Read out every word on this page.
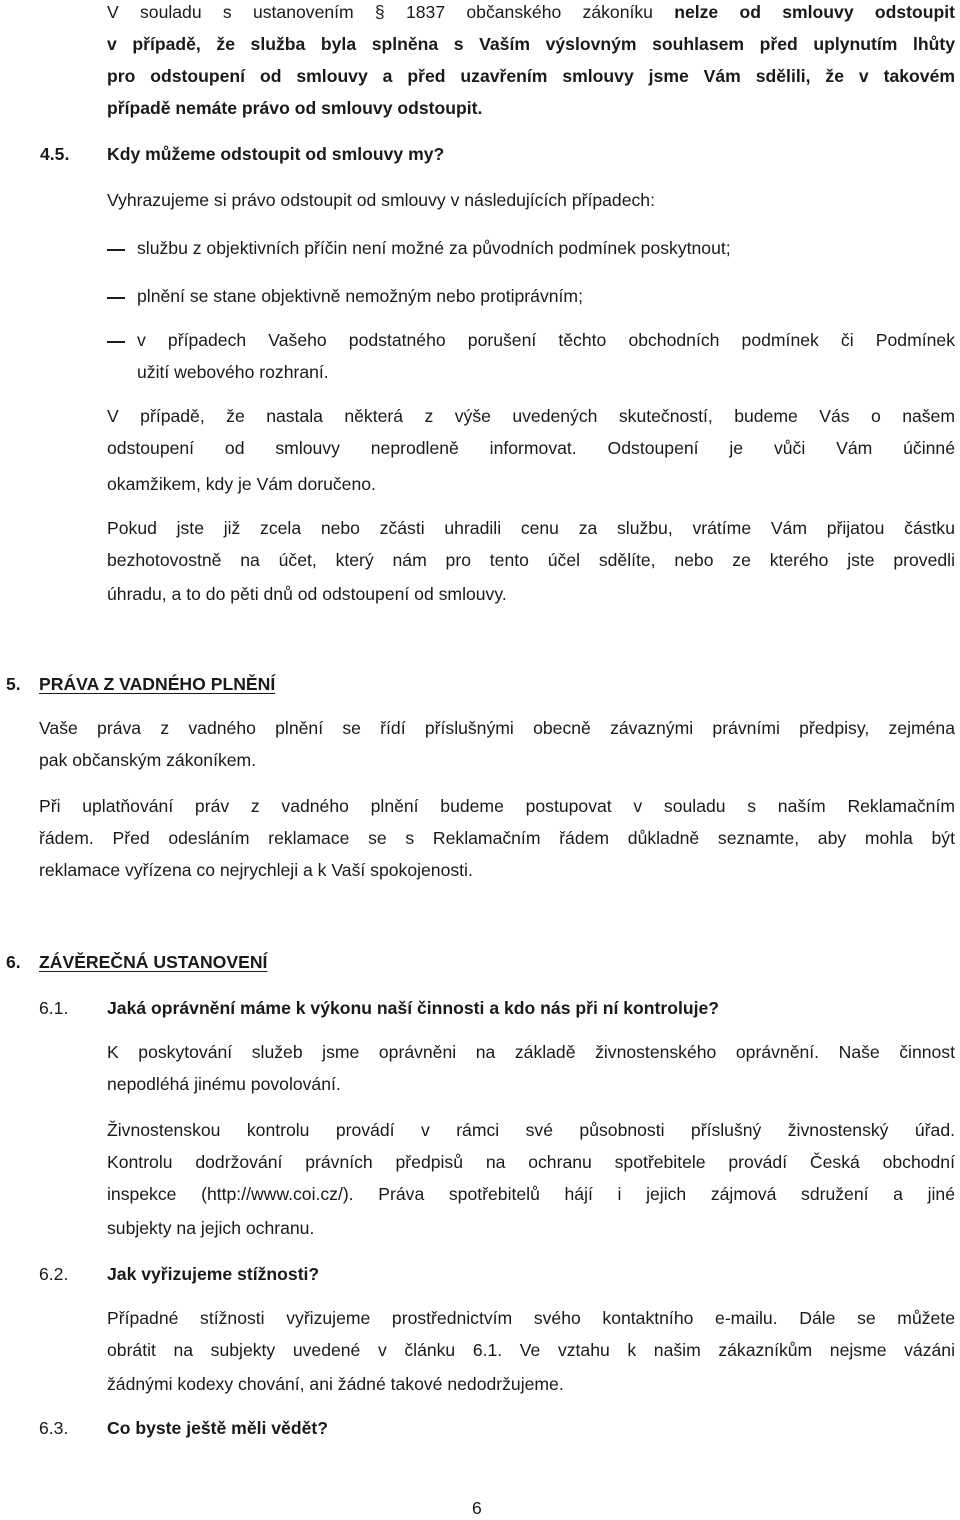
V souladu s ustanovením § 1837 občanského zákoníku nelze od smlouvy odstoupit
v případě, že služba byla splněna s Vaším výslovným souhlasem před uplynutím lhůty
pro odstoupení od smlouvy a před uzavřením smlouvy jsme Vám sdělili, že v takovém
případě nemáte právo od smlouvy odstoupit.
4.5. Kdy můžeme odstoupit od smlouvy my?
Vyhrazujeme si právo odstoupit od smlouvy v následujících případech:
službu z objektivních příčin není možné za původních podmínek poskytnout;
plnění se stane objektivně nemožným nebo protiprávním;
v případech Vašeho podstatného porušení těchto obchodních podmínek či Podmínek
užití webového rozhraní.
V případě, že nastala některá z výše uvedených skutečností, budeme Vás o našem
odstoupení od smlouvy neprodleně informovat. Odstoupení je vůči Vám účinné
okamžikem, kdy je Vám doručeno.
Pokud jste již zcela nebo zčásti uhradili cenu za službu, vrátíme Vám přijatou částku
bezhotovostně na účet, který nám pro tento účel sdělíte, nebo ze kterého jste provedli
úhradu, a to do pěti dnů od odstoupení od smlouvy.
5. PRÁVA Z VADNÉHO PLNĚNÍ
Vaše práva z vadného plnění se řídí příslušnými obecně závaznými právními předpisy, zejména
pak občanským zákoníkem.
Při uplatňování práv z vadného plnění budeme postupovat v souladu s naším Reklamačním
řádem. Před odesláním reklamace se s Reklamačním řádem důkladně seznamte, aby mohla být
reklamace vyřízena co nejrychleji a k Vaší spokojenosti.
6. ZÁVĚREČNÁ USTANOVENÍ
6.1. Jaká oprávnění máme k výkonu naší činnosti a kdo nás při ní kontroluje?
K poskytování služeb jsme oprávněni na základě živnostenského oprávnění. Naše činnost
nepodléhá jinému povolování.
Živnostenskou kontrolu provádí v rámci své působnosti příslušný živnostenský úřad.
Kontrolu dodržování právních předpisů na ochranu spotřebitele provádí Česká obchodní
inspekce (http://www.coi.cz/). Práva spotřebitelů hájí i jejich zájmová sdružení a jiné
subjekty na jejich ochranu.
6.2. Jak vyřizujeme stížnosti?
Případné stížnosti vyřizujeme prostřednictvím svého kontaktního e-mailu. Dále se můžete
obrátit na subjekty uvedené v článku 6.1. Ve vztahu k našim zákazníkům nejsme vázáni
žádnými kodexy chování, ani žádné takové nedodržujeme.
6.3. Co byste ještě měli vědět?
6
